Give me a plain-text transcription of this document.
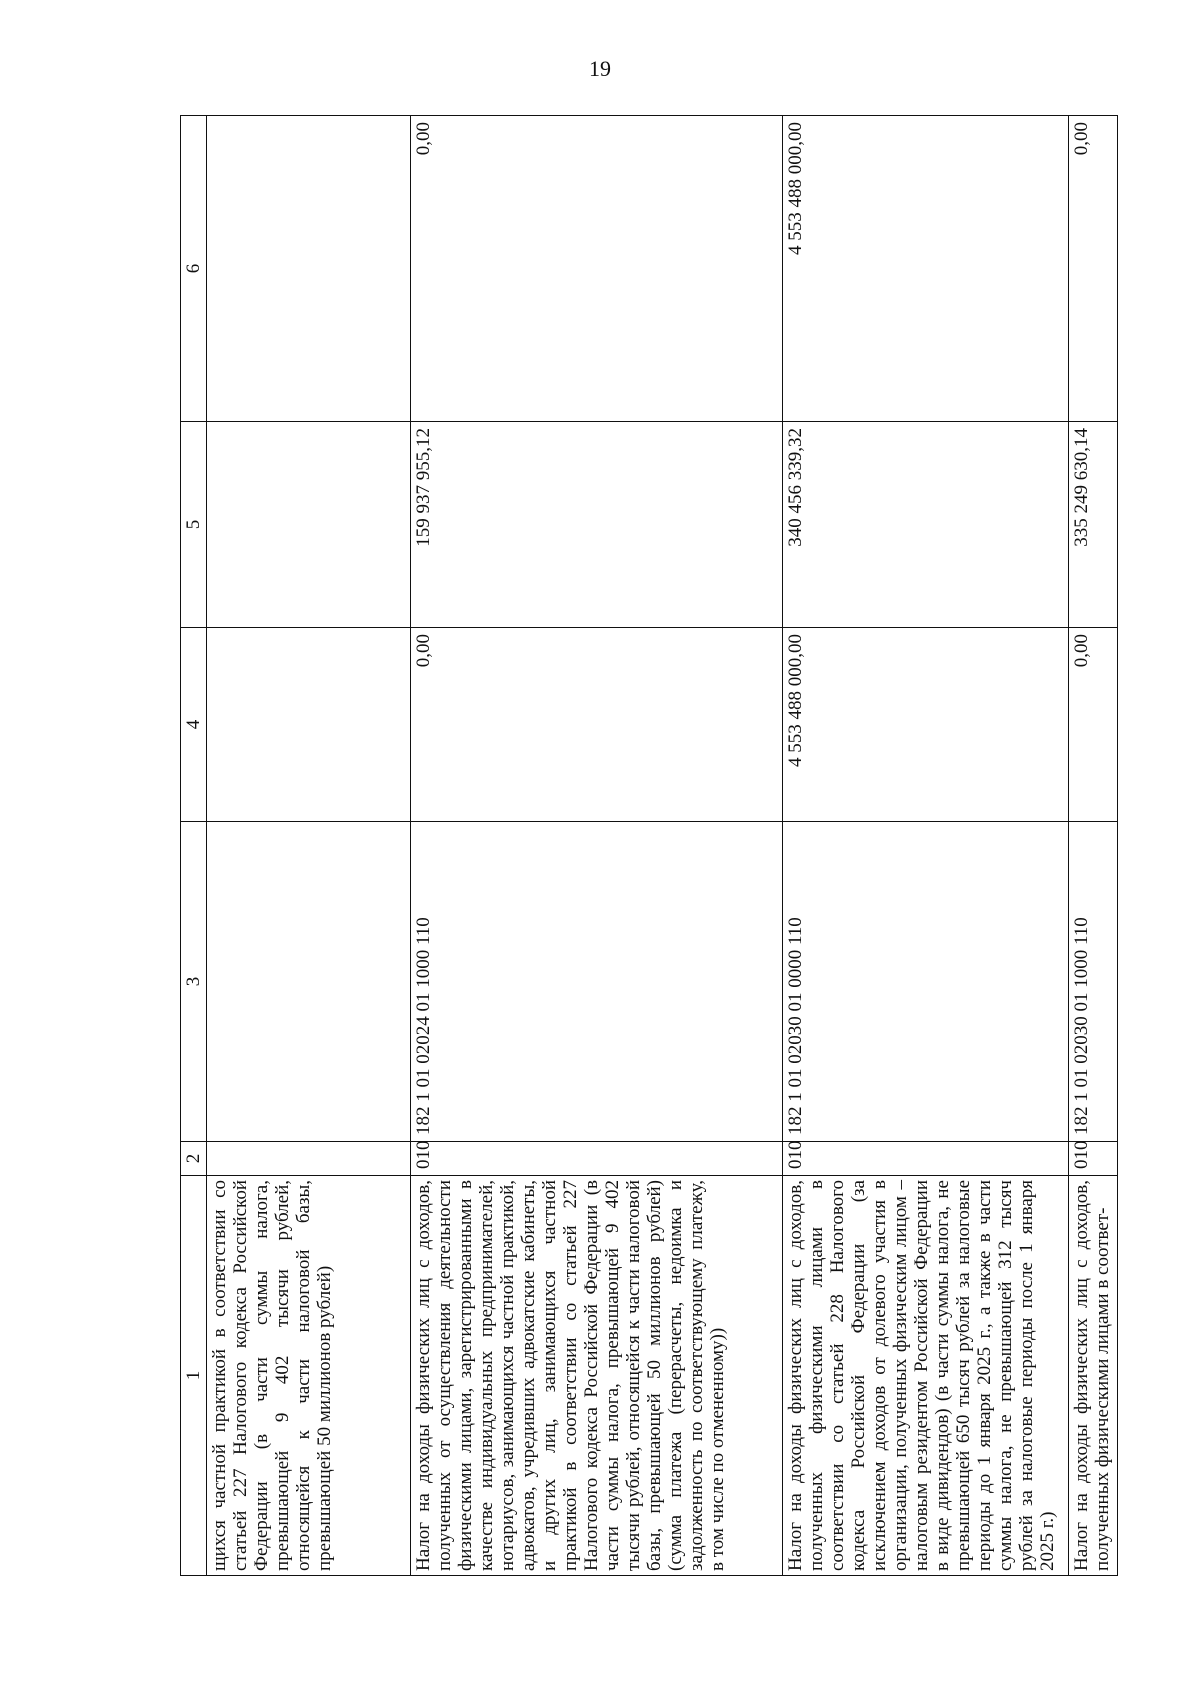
19
1	2	3	4	5	6
щихся частной практикой в соответствии со статьей 227 Налогового кодекса Российской Федерации (в части суммы налога, превышающей 9 402 тысячи рублей, относящейся к части налоговой базы, превышающей 50 миллионов рублей)					
Налог на доходы физических лиц с доходов, полученных от осуществления деятельности физическими лицами, зарегистрированными в качестве индивидуальных предпринимателей, нотариусов, занимающихся частной практикой, адвокатов, учредивших адвокатские кабинеты, и других лиц, занимающихся частной практикой в соответствии со статьей 227 Налогового кодекса Российской Федерации (в части суммы налога, превышающей 9 402 тысячи рублей, относящейся к части налоговой базы, превышающей 50 миллионов рублей) (сумма платежа (перерасчеты, недоимка и задолженность по соответствующему платежу, в том числе по отмененному))	010	182 1 01 02024 01 1000 110	0,00	159 937 955,12	0,00
Налог на доходы физических лиц с доходов, полученных физическими лицами в соответствии со статьей 228 Налогового кодекса Российской Федерации (за исключением доходов от долевого участия в организации, полученных физическим лицом – налоговым резидентом Российской Федерации в виде дивидендов) (в части суммы налога, не превышающей 650 тысяч рублей за налоговые периоды до 1 января 2025 г., а также в части суммы налога, не превышающей 312 тысяч рублей за налоговые периоды после 1 января 2025 г.)	010	182 1 01 02030 01 0000 110	4 553 488 000,00	340 456 339,32	4 553 488 000,00
Налог на доходы физических лиц с доходов, полученных физическими лицами в соответ-	010	182 1 01 02030 01 1000 110	0,00	335 249 630,14	0,00
